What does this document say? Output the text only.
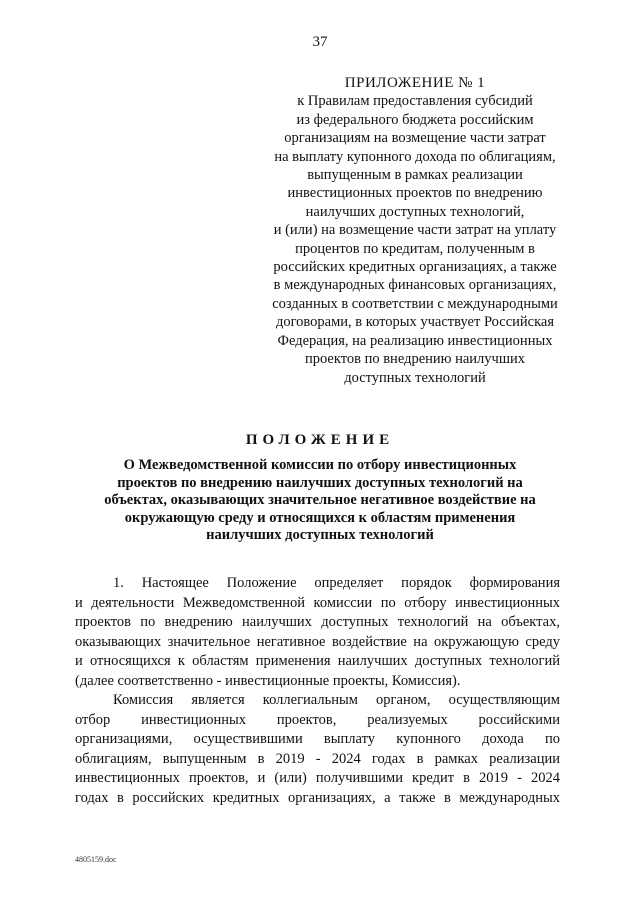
37
ПРИЛОЖЕНИЕ № 1
к Правилам предоставления субсидий
из федерального бюджета российским
организациям на возмещение части затрат
на выплату купонного дохода по облигациям,
выпущенным в рамках реализации
инвестиционных проектов по внедрению
наилучших доступных технологий,
и (или) на возмещение части затрат на уплату
процентов по кредитам, полученным в
российских кредитных организациях, а также
в международных финансовых организациях,
созданных в соответствии с международными
договорами, в которых участвует Российская
Федерация, на реализацию инвестиционных
проектов по внедрению наилучших
доступных технологий
ПОЛОЖЕНИЕ
О Межведомственной комиссии по отбору инвестиционных
проектов по внедрению наилучших доступных технологий на
объектах, оказывающих значительное негативное воздействие на
окружающую среду и относящихся к областям применения
наилучших доступных технологий
1. Настоящее Положение определяет порядок формирования
и деятельности Межведомственной комиссии по отбору инвестиционных
проектов по внедрению наилучших доступных технологий на объектах,
оказывающих значительное негативное воздействие на окружающую среду
и относящихся к областям применения наилучших доступных технологий
(далее соответственно - инвестиционные проекты, Комиссия).
Комиссия является коллегиальным органом, осуществляющим
отбор инвестиционных проектов, реализуемых российскими
организациями, осуществившими выплату купонного дохода по
облигациям, выпущенным в 2019 - 2024 годах в рамках реализации
инвестиционных проектов, и (или) получившими кредит в 2019 - 2024
годах в российских кредитных организациях, а также в международных
4805159.doc
